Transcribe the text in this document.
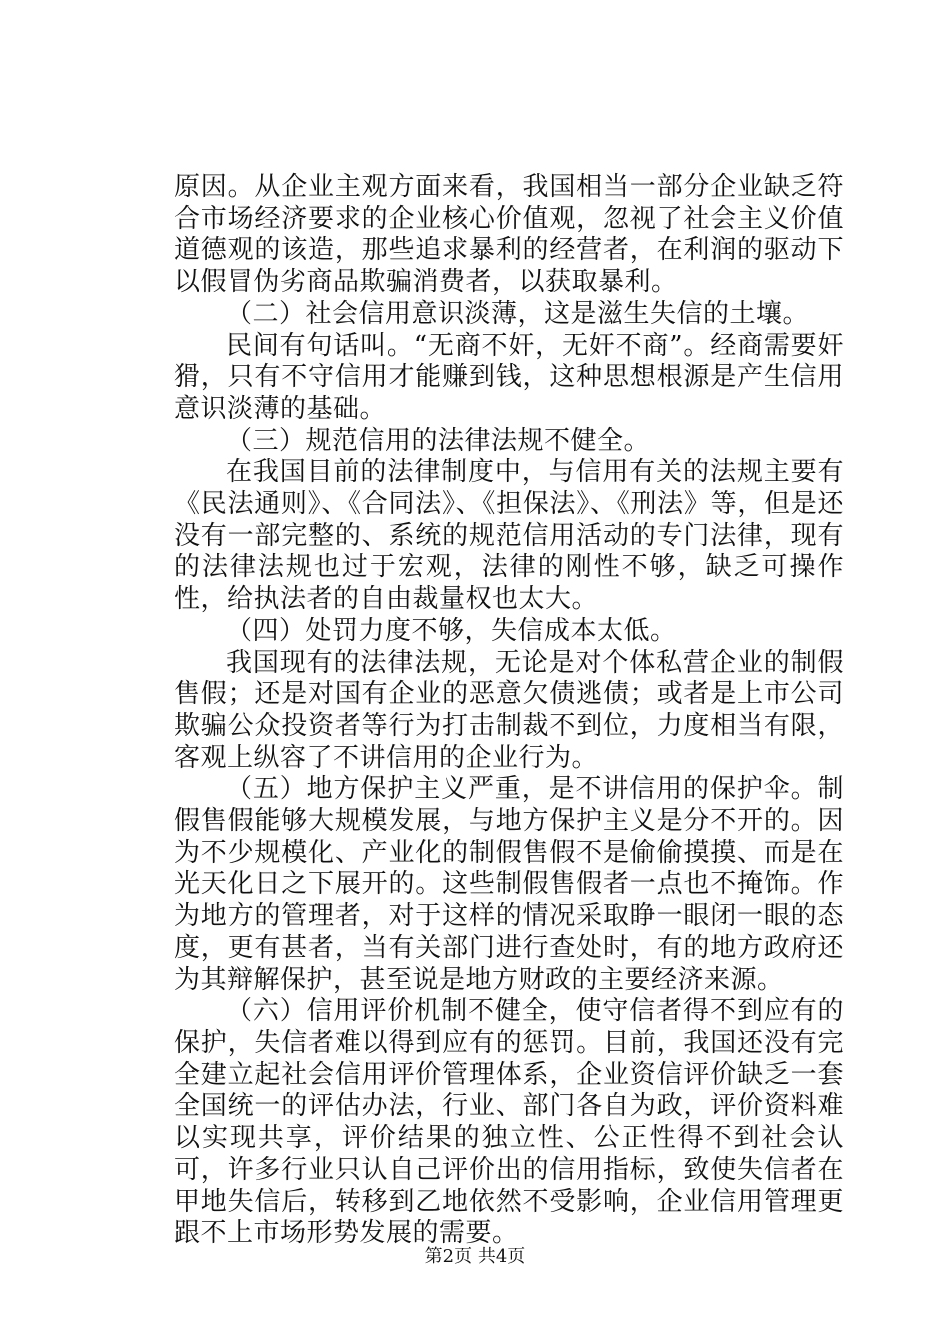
原因。从企业主观方面来看，我国相当一部分企业缺乏符合市场经济要求的企业核心价值观，忽视了社会主义价值道德观的该造，那些追求暴利的经营者，在利润的驱动下以假冒伪劣商品欺骗消费者，以获取暴利。

（二）社会信用意识淡薄，这是滋生失信的土壤。

民间有句话叫。“无商不奸，无奸不商”。经商需要奸猾，只有不守信用才能赚到钱，这种思想根源是产生信用意识淡薄的基础。

（三）规范信用的法律法规不健全。

在我国目前的法律制度中，与信用有关的法规主要有《民法通则》、《合同法》、《担保法》、《刑法》等，但是还没有一部完整的、系统的规范信用活动的专门法律，现有的法律法规也过于宏观，法律的刚性不够，缺乏可操作性，给执法者的自由裁量权也太大。

（四）处罚力度不够，失信成本太低。

我国现有的法律法规，无论是对个体私营企业的制假售假；还是对国有企业的恶意欠债逃债；或者是上市公司欺骗公众投资者等行为打击制裁不到位，力度相当有限，客观上纵容了不讲信用的企业行为。

（五）地方保护主义严重，是不讲信用的保护伞。制假售假能够大规模发展，与地方保护主义是分不开的。因为不少规模化、产业化的制假售假不是偷偷摸摸、而是在光天化日之下展开的。这些制假售假者一点也不掩饰。作为地方的管理者，对于这样的情况采取睁一眼闭一眼的态度，更有甚者，当有关部门进行查处时，有的地方政府还为其辩解保护，甚至说是地方财政的主要经济来源。

（六）信用评价机制不健全，使守信者得不到应有的保护，失信者难以得到应有的惩罚。目前，我国还没有完全建立起社会信用评价管理体系，企业资信评价缺乏一套全国统一的评估办法，行业、部门各自为政，评价资料难以实现共享，评价结果的独立性、公正性得不到社会认可，许多行业只认自己评价出的信用指标，致使失信者在甲地失信后，转移到乙地依然不受影响，企业信用管理更跟不上市场形势发展的需要。

第2页 共4页
